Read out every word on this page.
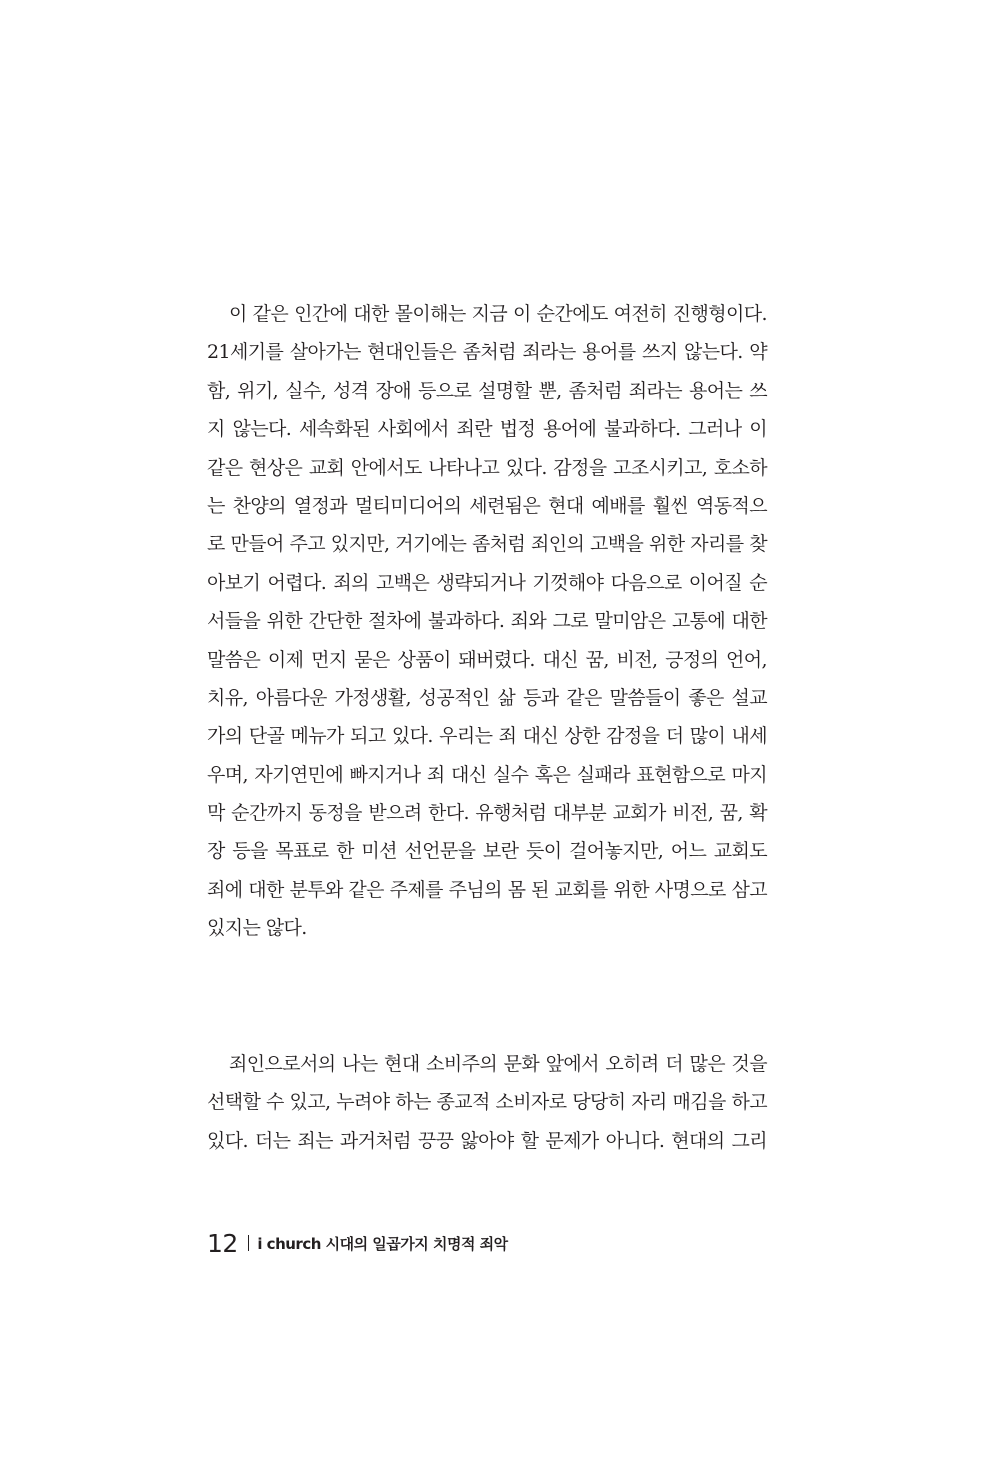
이 같은 인간에 대한 몰이해는 지금 이 순간에도 여전히 진행형이다.
21세기를 살아가는 현대인들은 좀처럼 죄라는 용어를 쓰지 않는다. 약
함, 위기, 실수, 성격 장애 등으로 설명할 뿐, 좀처럼 죄라는 용어는 쓰
지 않는다. 세속화된 사회에서 죄란 법정 용어에 불과하다. 그러나 이
같은 현상은 교회 안에서도 나타나고 있다. 감정을 고조시키고, 호소하
는 찬양의 열정과 멀티미디어의 세련됨은 현대 예배를 훨씬 역동적으
로 만들어 주고 있지만, 거기에는 좀처럼 죄인의 고백을 위한 자리를 찾
아보기 어렵다. 죄의 고백은 생략되거나 기껏해야 다음으로 이어질 순
서들을 위한 간단한 절차에 불과하다. 죄와 그로 말미암은 고통에 대한
말씀은 이제 먼지 묻은 상품이 돼버렸다. 대신 꿈, 비전, 긍정의 언어,
치유, 아름다운 가정생활, 성공적인 삶 등과 같은 말씀들이 좋은 설교
가의 단골 메뉴가 되고 있다. 우리는 죄 대신 상한 감정을 더 많이 내세
우며, 자기연민에 빠지거나 죄 대신 실수 혹은 실패라 표현함으로 마지
막 순간까지 동정을 받으려 한다. 유행처럼 대부분 교회가 비전, 꿈, 확
장 등을 목표로 한 미션 선언문을 보란 듯이 걸어놓지만, 어느 교회도
죄에 대한 분투와 같은 주제를 주님의 몸 된 교회를 위한 사명으로 삼고
있지는 않다.
죄인으로서의 나는 현대 소비주의 문화 앞에서 오히려 더 많은 것을
선택할 수 있고, 누려야 하는 종교적 소비자로 당당히 자리 매김을 하고
있다. 더는 죄는 과거처럼 끙끙 앓아야 할 문제가 아니다. 현대의 그리
12 i church 시대의 일곱가지 치명적 죄악
